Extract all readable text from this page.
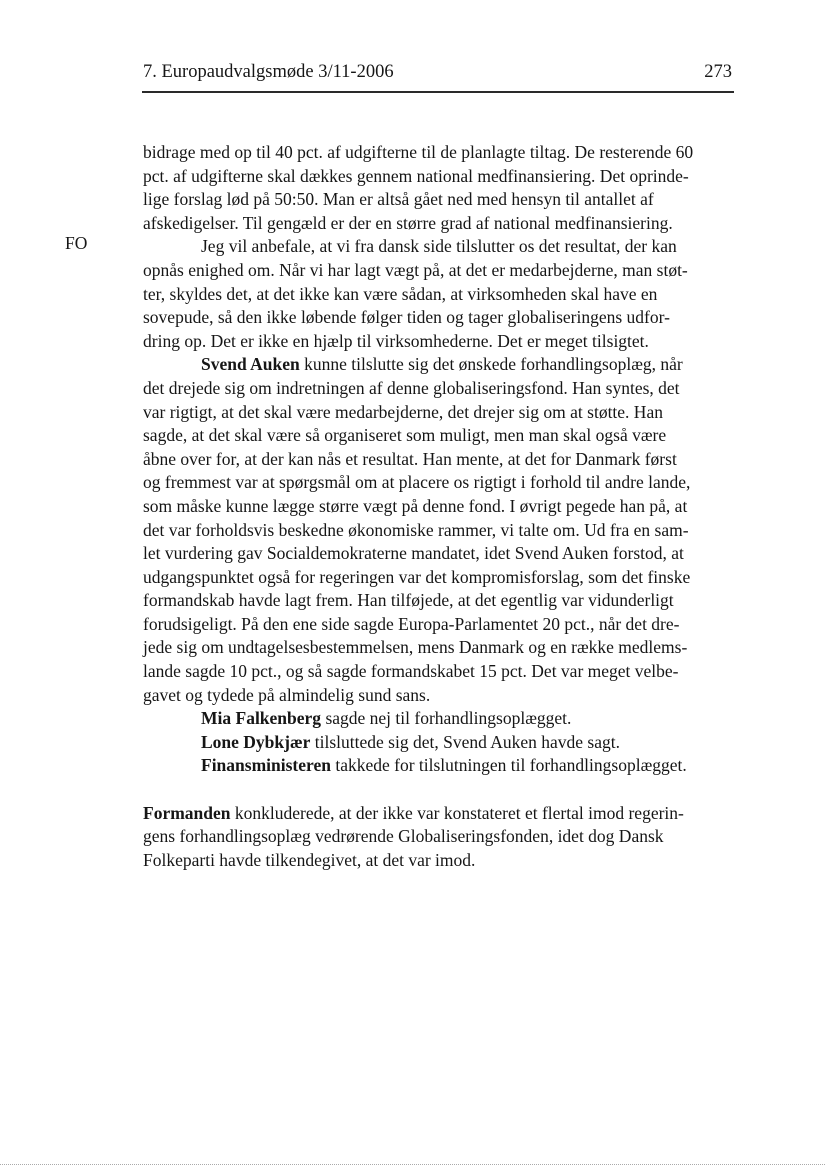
7. Europaudvalgsmøde 3/11-2006	273
FO
bidrage med op til 40 pct. af udgifterne til de planlagte tiltag. De resterende 60
pct. af udgifterne skal dækkes gennem national medfinansiering. Det oprinde-
lige forslag lød på 50:50. Man er altså gået ned med hensyn til antallet af
afskedigelser. Til gengæld er der en større grad af national medfinansiering.
Jeg vil anbefale, at vi fra dansk side tilslutter os det resultat, der kan
opnås enighed om. Når vi har lagt vægt på, at det er medarbejderne, man støt-
ter, skyldes det, at det ikke kan være sådan, at virksomheden skal have en
sovepude, så den ikke løbende følger tiden og tager globaliseringens udfor-
dring op. Det er ikke en hjælp til virksomhederne. Det er meget tilsigtet.
Svend Auken kunne tilslutte sig det ønskede forhandlingsoplæg, når
det drejede sig om indretningen af denne globaliseringsfond. Han syntes, det
var rigtigt, at det skal være medarbejderne, det drejer sig om at støtte. Han
sagde, at det skal være så organiseret som muligt, men man skal også være
åbne over for, at der kan nås et resultat. Han mente, at det for Danmark først
og fremmest var at spørgsmål om at placere os rigtigt i forhold til andre lande,
som måske kunne lægge større vægt på denne fond. I øvrigt pegede han på, at
det var forholdsvis beskedne økonomiske rammer, vi talte om. Ud fra en sam-
let vurdering gav Socialdemokraterne mandatet, idet Svend Auken forstod, at
udgangspunktet også for regeringen var det kompromisforslag, som det finske
formandskab havde lagt frem. Han tilføjede, at det egentlig var vidunderligt
forudsigeligt. På den ene side sagde Europa-Parlamentet 20 pct., når det dre-
jede sig om undtagelsesbestemmelsen, mens Danmark og en række medlems-
lande sagde 10 pct., og så sagde formandskabet 15 pct. Det var meget velbe-
gavet og tydede på almindelig sund sans.
Mia Falkenberg sagde nej til forhandlingsoplægget.
Lone Dybkjær tilsluttede sig det, Svend Auken havde sagt.
Finansministeren takkede for tilslutningen til forhandlingsoplægget.
Formanden konkluderede, at der ikke var konstateret et flertal imod regerin-
gens forhandlingsoplæg vedrørende Globaliseringsfonden, idet dog Dansk
Folkeparti havde tilkendegivet, at det var imod.
